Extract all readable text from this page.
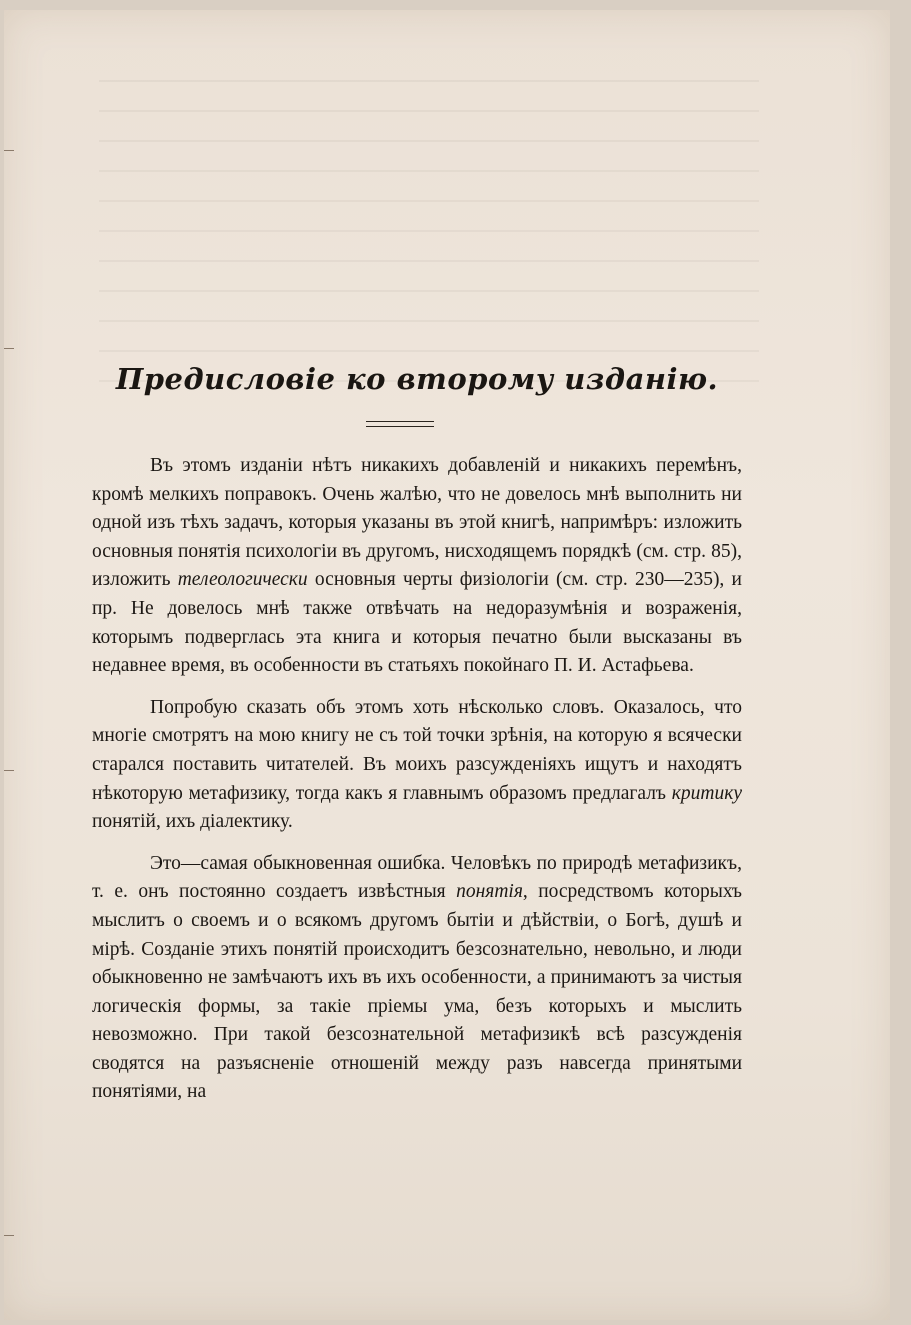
Предисловіе ко второму изданію.

Въ этомъ изданіи нѣтъ никакихъ добавленій и никакихъ перемѣнъ, кромѣ мелкихъ поправокъ. Очень жалѣю, что не довелось мнѣ выполнить ни одной изъ тѣхъ задачъ, которыя указаны въ этой книгѣ, напримѣръ: изложить основныя понятія психологіи въ другомъ, нисходящемъ порядкѣ (см. стр. 85), изложить телеологически основныя черты физіологіи (см. стр. 230—235), и пр. Не довелось мнѣ также отвѣчать на недоразумѣнія и возраженія, которымъ подверглась эта книга и которыя печатно были высказаны въ недавнее время, въ особенности въ статьяхъ покойнаго П. И. Астафьева.

Попробую сказать объ этомъ хоть нѣсколько словъ. Оказалось, что многіе смотрятъ на мою книгу не съ той точки зрѣнія, на которую я всячески старался поставить читателей. Въ моихъ разсужденіяхъ ищутъ и находятъ нѣкоторую метафизику, тогда какъ я главнымъ образомъ предлагалъ критику понятій, ихъ діалектику.

Это—самая обыкновенная ошибка. Человѣкъ по природѣ метафизикъ, т. е. онъ постоянно создаетъ извѣстныя понятія, посредствомъ которыхъ мыслитъ о своемъ и о всякомъ другомъ бытіи и дѣйствіи, о Богѣ, душѣ и мірѣ. Созданіе этихъ понятій происходитъ безсознательно, невольно, и люди обыкновенно не замѣчаютъ ихъ въ ихъ особенности, а принимаютъ за чистыя логическія формы, за такіе пріемы ума, безъ которыхъ и мыслить невозможно. При такой безсознательной метафизикѣ всѣ разсужденія сводятся на разъясненіе отношеній между разъ навсегда принятыми понятіями, на
